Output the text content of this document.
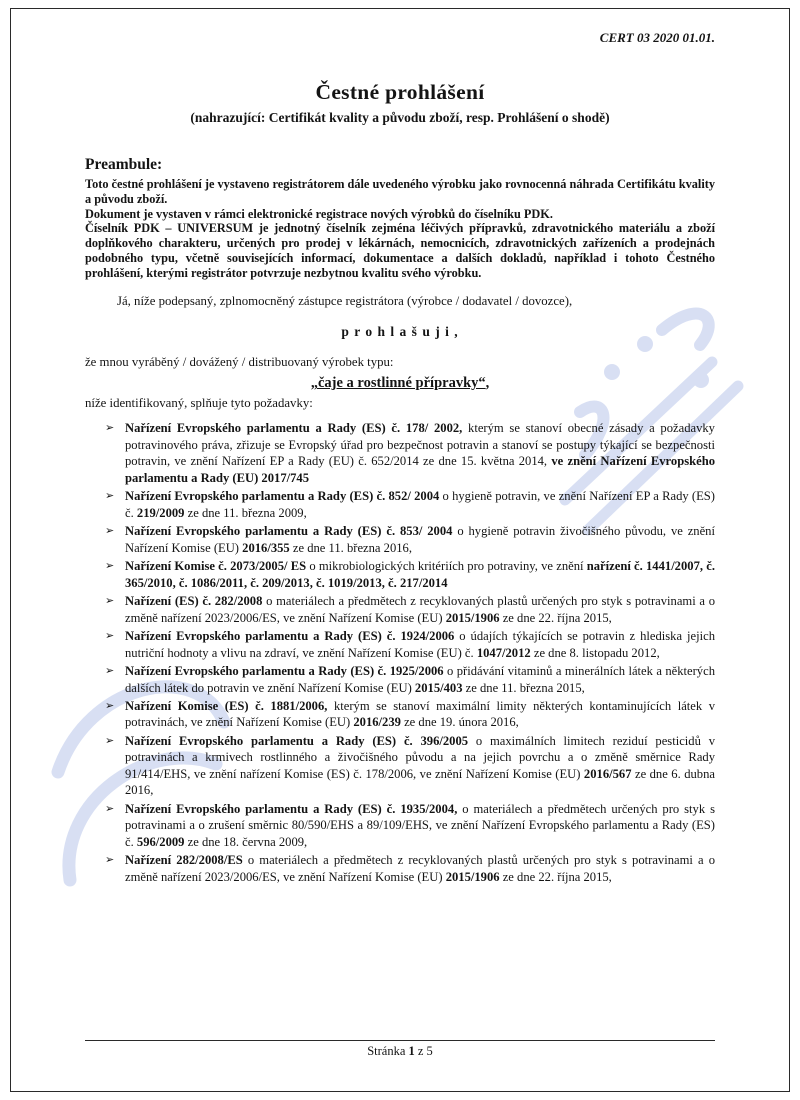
CERT 03 2020 01.01.
Čestné prohlášení
(nahrazující: Certifikát kvality a původu zboží, resp. Prohlášení o shodě)
Preambule:
Toto čestné prohlášení je vystaveno registrátorem dále uvedeného výrobku jako rovnocenná náhrada Certifikátu kvality a původu zboží.
Dokument je vystaven v rámci elektronické registrace nových výrobků do číselníku PDK.
Číselník PDK – UNIVERSUM je jednotný číselník zejména léčivých přípravků, zdravotnického materiálu a zboží doplňkového charakteru, určených pro prodej v lékárnách, nemocnicích, zdravotnických zařízeních a prodejnách podobného typu, včetně souvisejících informací, dokumentace a dalších dokladů, například i tohoto Čestného prohlášení, kterými registrátor potvrzuje nezbytnou kvalitu svého výrobku.

Já, níže podepsaný, zplnomocněný zástupce registrátora (výrobce / dodavatel / dovozce),

p r o h l a š u j i ,

že mnou vyráběný / dovážený / distribuovaný výrobek typu:

„čaje a rostlinné přípravky“,

níže identifikovaný, splňuje tyto požadavky:

➢ Nařízení Evropského parlamentu a Rady (ES) č. 178/ 2002, kterým se stanoví obecné zásady a požadavky potravinového práva, zřizuje se Evropský úřad pro bezpečnost potravin a stanoví se postupy týkající se bezpečnosti potravin, ve znění Nařízení EP a Rady (EU) č. 652/2014 ze dne 15. května 2014, ve znění Nařízení Evropského parlamentu a Rady (EU) 2017/745
➢ Nařízení Evropského parlamentu a Rady (ES) č. 852/ 2004 o hygieně potravin, ve znění Nařízení EP a Rady (ES) č. 219/2009 ze dne 11. března 2009,
➢ Nařízení Evropského parlamentu a Rady (ES) č. 853/ 2004 o hygieně potravin živočišného původu, ve znění Nařízení Komise (EU) 2016/355 ze dne 11. března 2016,
➢ Nařízení Komise č. 2073/2005/ ES o mikrobiologických kritériích pro potraviny, ve znění nařízení č. 1441/2007, č. 365/2010, č. 1086/2011, č. 209/2013, č. 1019/2013, č. 217/2014
➢ Nařízení (ES) č. 282/2008 o materiálech a předmětech z recyklovaných plastů určených pro styk s potravinami a o změně nařízení 2023/2006/ES, ve znění Nařízení Komise (EU) 2015/1906 ze dne 22. října 2015,
➢ Nařízení Evropského parlamentu a Rady (ES) č. 1924/2006 o údajích týkajících se potravin z hlediska jejich nutriční hodnoty a vlivu na zdraví, ve znění Nařízení Komise (EU) č. 1047/2012 ze dne 8. listopadu 2012,
➢ Nařízení Evropského parlamentu a Rady (ES) č. 1925/2006 o přidávání vitaminů a minerálních látek a některých dalších látek do potravin ve znění Nařízení Komise (EU) 2015/403 ze dne 11. března 2015,
➢ Nařízení Komise (ES) č. 1881/2006, kterým se stanoví maximální limity některých kontaminujících látek v potravinách, ve znění Nařízení Komise (EU) 2016/239 ze dne 19. února 2016,
➢ Nařízení Evropského parlamentu a Rady (ES) č. 396/2005 o maximálních limitech reziduí pesticidů v potravinách a krmivech rostlinného a živočišného původu a na jejich povrchu a o změně směrnice Rady 91/414/EHS, ve znění nařízení Komise (ES) č. 178/2006, ve znění Nařízení Komise (EU) 2016/567 ze dne 6. dubna 2016,
➢ Nařízení Evropského parlamentu a Rady (ES) č. 1935/2004, o materiálech a předmětech určených pro styk s potravinami a o zrušení směrnic 80/590/EHS a 89/109/EHS, ve znění Nařízení Evropského parlamentu a Rady (ES) č. 596/2009 ze dne 18. června 2009,
➢ Nařízení 282/2008/ES o materiálech a předmětech z recyklovaných plastů určených pro styk s potravinami a o změně nařízení 2023/2006/ES, ve znění Nařízení Komise (EU) 2015/1906 ze dne 22. října 2015,
Stránka 1 z 5
